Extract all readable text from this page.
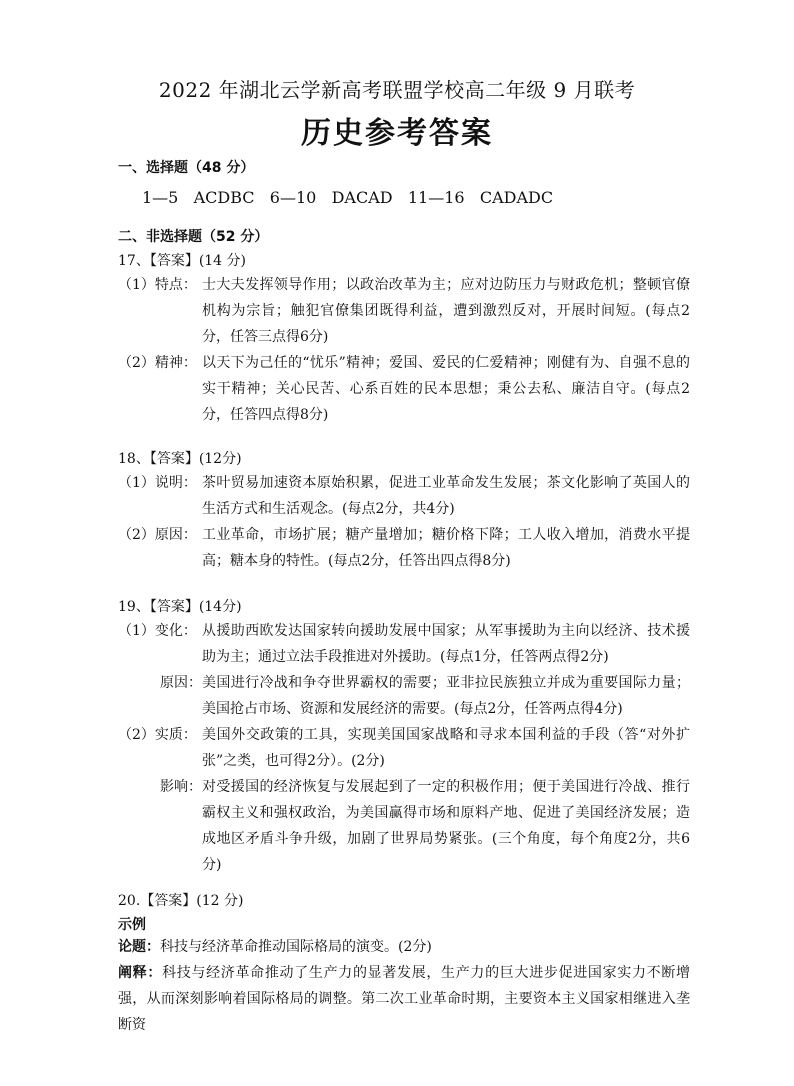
2022 年湖北云学新高考联盟学校高二年级 9 月联考
历史参考答案
一、选择题（48 分）
1—5   ACDBC   6—10   DACAD   11—16   CADADC
二、非选择题（52 分）
17、【答案】(14 分)
（1）特点： 士大夫发挥领导作用；以政治改革为主；应对边防压力与财政危机；整顿官僚机构为宗旨；触犯官僚集团既得利益，遭到激烈反对，开展时间短。(每点2分，任答三点得6分)
（2）精神： 以天下为己任的“忧乐”精神；爱国、爱民的仁爱精神；刚健有为、自强不息的实干精神；关心民苦、心系百姓的民本思想；秉公去私、廉洁自守。(每点2分，任答四点得8分)
18、【答案】(12分)
（1）说明： 茶叶贸易加速资本原始积累，促进工业革命发生发展；茶文化影响了英国人的生活方式和生活观念。(每点2分，共4分)
（2）原因： 工业革命，市场扩展；糖产量增加；糖价格下降；工人收入增加，消费水平提高；糖本身的特性。(每点2分，任答出四点得8分)
19、【答案】(14分)
（1）变化： 从援助西欧发达国家转向援助发展中国家；从军事援助为主向以经济、技术援助为主；通过立法手段推进对外援助。(每点1分，任答两点得2分)
原因： 美国进行冷战和争夺世界霸权的需要；亚非拉民族独立并成为重要国际力量；美国抢占市场、资源和发展经济的需要。(每点2分，任答两点得4分)
（2）实质： 美国外交政策的工具，实现美国国家战略和寻求本国利益的手段（答“对外扩张”之类，也可得2分）。(2分)
影响： 对受援国的经济恢复与发展起到了一定的积极作用；便于美国进行冷战、推行霸权主义和强权政治，为美国赢得市场和原料产地、促进了美国经济发展；造成地区矛盾斗争升级，加剧了世界局势紧张。(三个角度，每个角度2分，共6分)
20.【答案】(12 分)
示例
论题：科技与经济革命推动国际格局的演变。(2分)
阐释：科技与经济革命推动了生产力的显著发展，生产力的巨大进步促进国家实力不断增强，从而深刻影响着国际格局的调整。第二次工业革命时期，主要资本主义国家相继进入垄断资
